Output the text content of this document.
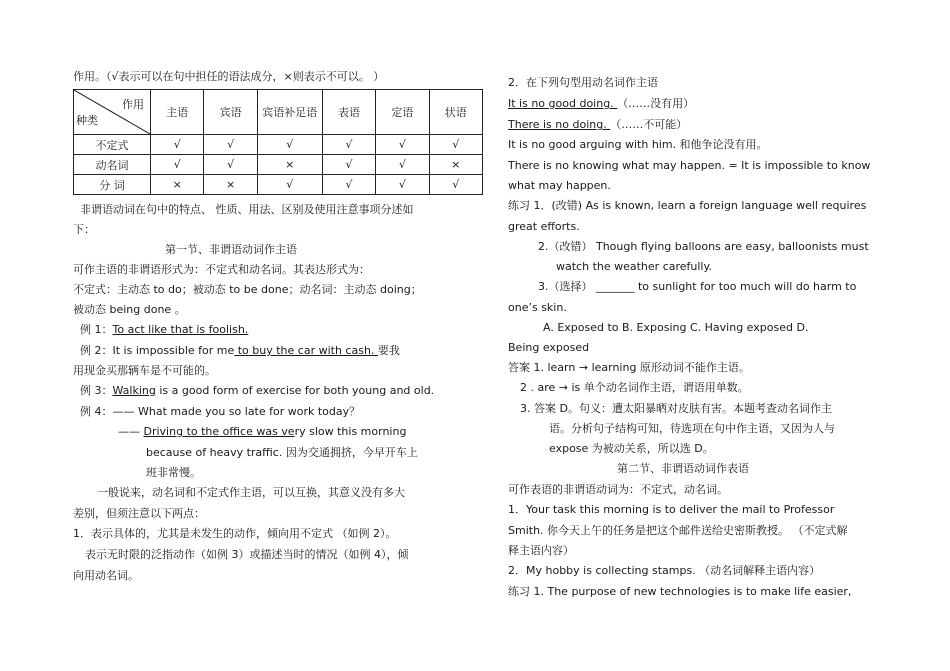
作用。（√表示可以在句中担任的语法成分，×则表示不可以。 ）
作用
种类	主语	宾语	宾语补足语	表语	定语	状语
不定式	√	√	√	√	√	√
动名词	√	√	×	√	√	×
分 词	×	×	√	√	√	√
非谓语动词在句中的特点、 性质、用法、区别及使用注意事项分述如
下：
第一节、非谓语动词作主语
可作主语的非谓语形式为：不定式和动名词。其表达形式为：
不定式：主动态 to do；被动态 to be done；动名词：主动态 doing；
被动态 being done 。
例 1：To act like that is foolish.
例 2：It is impossible for me to buy the car with cash. 要我
用现金买那辆车是不可能的。
例 3：Walking is a good form of exercise for both young and old.
例 4：—— What made you so late for work today？
—— Driving to the office was very slow this morning
because of heavy traffic. 因为交通拥挤，今早开车上
班非常慢。
一般说来，动名词和不定式作主语，可以互换，其意义没有多大
差别，但须注意以下两点：
1．表示具体的，尤其是未发生的动作，倾向用不定式 （如例 2）。
表示无时限的泛指动作（如例 3）或描述当时的情况（如例 4），倾
向用动名词。
2．在下列句型用动名词作主语
It is no good doing. （……没有用）
There is no doing. （……不可能）
It is no good arguing with him. 和他争论没有用。
There is no knowing what may happen. = It is impossible to know
what may happen.
练习 1．(改错) As is known, learn a foreign language well requires
great efforts.
2.（改错） Though flying balloons are easy, balloonists must
watch the weather carefully.
3.（选择） _______ to sunlight for too much will do harm to
one’s skin.
A. Exposed to B. Exposing C. Having exposed D.
Being exposed
答案 1. learn → learning 原形动词不能作主语。
2 . are → is 单个动名词作主语，谓语用单数。
3. 答案 D。句义：遭太阳暴晒对皮肤有害。本题考查动名词作主
语。分析句子结构可知，待选项在句中作主语，又因为人与
expose 为被动关系，所以选 D。
第二节、非谓语动词作表语
可作表语的非谓语动词为：不定式，动名词。
1．Your task this morning is to deliver the mail to Professor
Smith. 你今天上午的任务是把这个邮件送给史密斯教授。 （不定式解
释主语内容）
2．My hobby is collecting stamps. （动名词解释主语内容）
练习 1. The purpose of new technologies is to make life easier,
